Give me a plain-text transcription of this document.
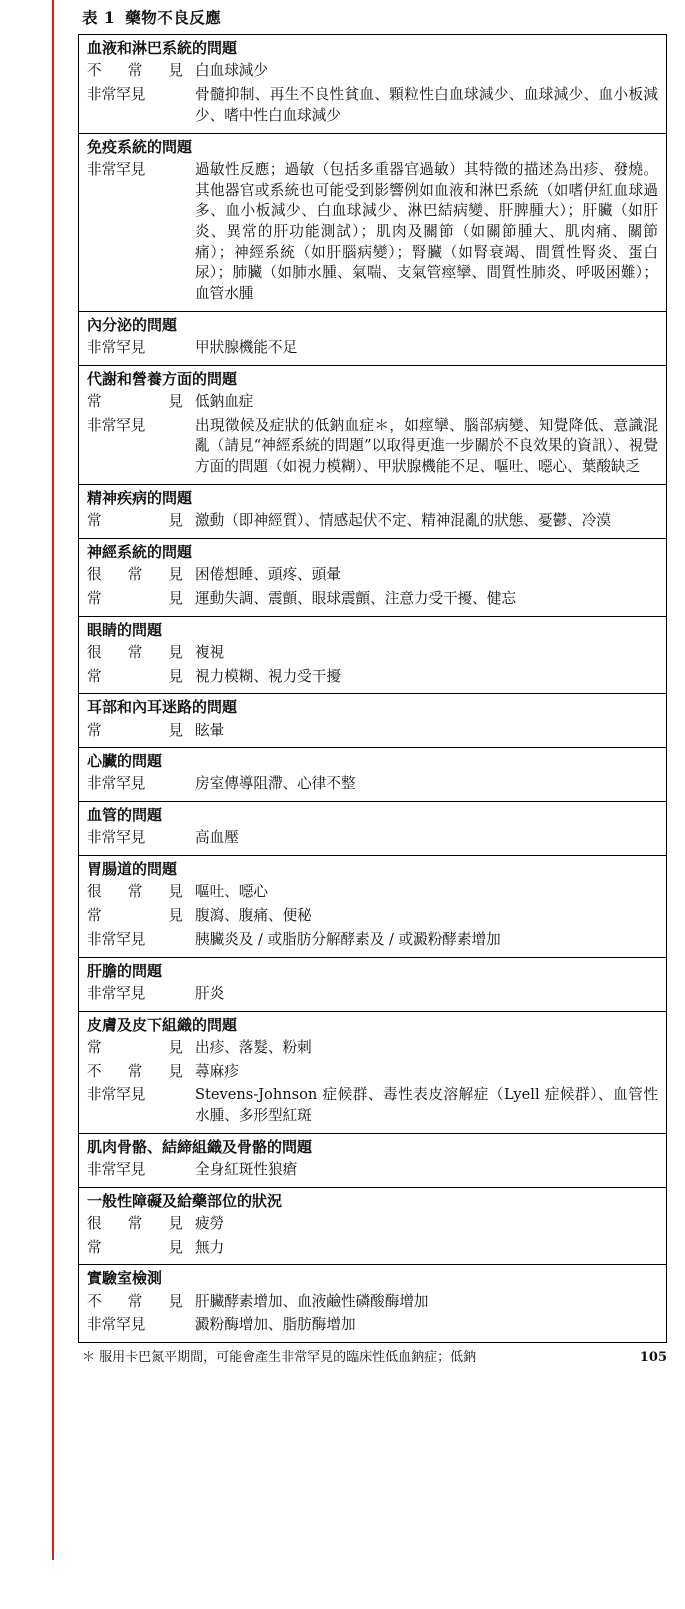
表 1 藥物不良反應
血液和淋巴系統的問題
不 常 見 白血球減少
非常罕見	骨髓抑制、再生不良性貧血、顆粒性白血球減少、血球減少、血小板減少、嗜中性白血球減少
免疫系統的問題
非常罕見	過敏性反應；過敏（包括多重器官過敏）其特徵的描述為出疹、發燒。其他器官或系統也可能受到影響例如血液和淋巴系統（如嗜伊紅血球過多、血小板減少、白血球減少、淋巴結病變、肝脾腫大）；肝臟（如肝炎、異常的肝功能測試）；肌肉及關節（如關節腫大、肌肉痛、關節痛）；神經系統（如肝腦病變）；腎臟（如腎衰竭、間質性腎炎、蛋白尿）；肺臟（如肺水腫、氣喘、支氣管痙攣、間質性肺炎、呼吸困難）；血管水腫
內分泌的問題
非常罕見	甲狀腺機能不足
代謝和營養方面的問題
常	見 低鈉血症
非常罕見	出現徵候及症狀的低鈉血症＊，如痙攣、腦部病變、知覺降低、意識混亂（請見“神經系統的問題”以取得更進一步關於不良效果的資訊）、視覺方面的問題（如視力模糊）、甲狀腺機能不足、嘔吐、噁心、葉酸缺乏
精神疾病的問題
常	見 激動（即神經質）、情感起伏不定、精神混亂的狀態、憂鬱、冷漠
神經系統的問題
很 常 見 困倦想睡、頭疼、頭暈
常	見 運動失調、震顫、眼球震顫、注意力受干擾、健忘
眼睛的問題
很 常 見 複視
常	見 視力模糊、視力受干擾
耳部和內耳迷路的問題
常	見 眩暈
心臟的問題
非常罕見	房室傳導阻滯、心律不整
血管的問題
非常罕見	高血壓
胃腸道的問題
很 常 見 嘔吐、噁心
常	見 腹瀉、腹痛、便秘
非常罕見	胰臟炎及 / 或脂肪分解酵素及 / 或澱粉酵素增加
肝膽的問題
非常罕見	肝炎
皮膚及皮下組織的問題
常	見 出疹、落髮、粉刺
不 常 見 蕁麻疹
非常罕見	Stevens-Johnson 症候群、毒性表皮溶解症（Lyell 症候群）、血管性水腫、多形型紅斑
肌肉骨骼、結締組織及骨骼的問題
非常罕見	全身紅斑性狼瘡
一般性障礙及給藥部位的狀況
很 常 見 疲勞
常	見 無力
實驗室檢測
不 常 見 肝臟酵素增加、血液鹼性磷酸酶增加
非常罕見	澱粉酶增加、脂肪酶增加
＊ 服用卡巴氮平期間，可能會產生非常罕見的臨床性低血鈉症；低鈉	105
